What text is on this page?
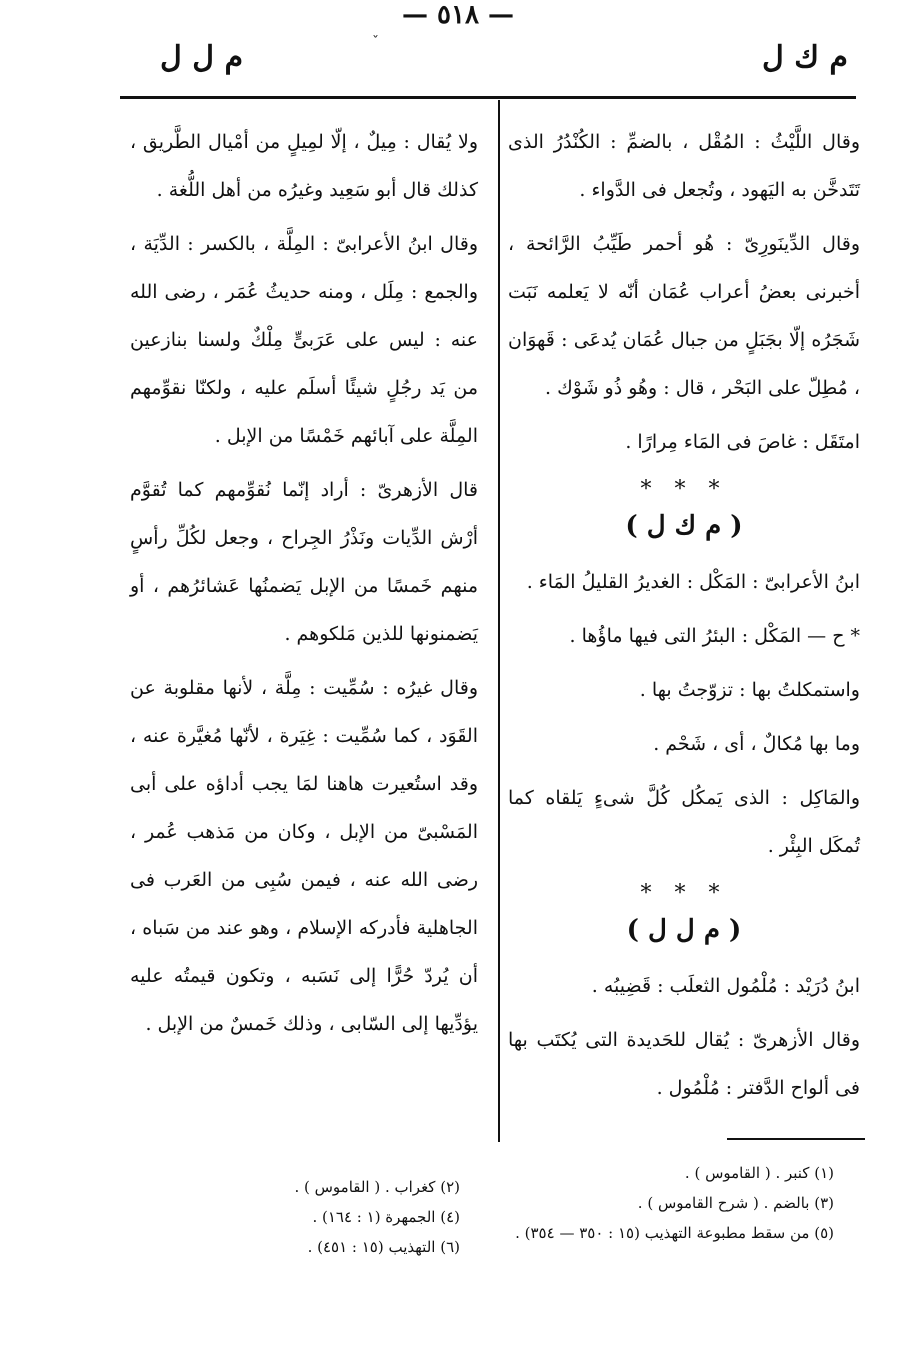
ˇ	م ك ل
— ٥١٨ —
م ل ل

وقال اللَّيْثُ : المُقْل ، بالضمِّ : الكُنْدُرُ الذى تَتَدخَّن به اليَهود ، وتُجعل فى الدَّواء .

وقال الدِّينَورِىّ : هُو أحمر طَيِّبُ الرَّائحة ، أخبرنى بعضُ أعراب عُمَان أنّه لا يَعلمه نَبَت شَجَرُه إلّا بجَبَلٍ من جبال عُمَان يُدعَى : قَهوَان ، مُطِلّ على البَحْر ، قال : وهُو ذُو شَوْك .

امتَقَل : غاصَ فى المَاء مِرارًا .

* * *
( م ك ل )

ابنُ الأعرابىّ : المَكْل : الغديرُ القليلُ المَاء .

* ح — المَكْل : البئرُ التى فيها ماؤُها .

واستمكلتُ بها : تزوّجتُ بها .

وما بها مُكالٌ ، أى ، شَحْم .

والمَاكِل : الذى يَمكُل كُلَّ شىءٍ يَلقاه كما تُمكَل البِئْر .

* * *
( م ل ل )

ابنُ دُرَيْد : مُلْمُول الثعلَب : قَضِيبُه .

وقال الأزهرىّ : يُقال للحَديدة التى يُكتَب بها فى ألواح الدَّفتر : مُلْمُول .

ولا يُقال : مِيلٌ ، إلّا لمِيلٍ من أمْيال الطَّريق ، كذلك قال أبو سَعِيد وغيرُه من أهل اللُّغة .

وقال ابنُ الأعرابىّ : المِلَّة ، بالكسر : الدِّيَة ، والجمع : مِلَل ، ومنه حديثُ عُمَر ، رضى الله عنه : ليس على عَرَبىٍّ مِلْكٌ ولسنا بنازعين من يَد رجُلٍ شيئًا أسلَم عليه ، ولكنّا نقوِّمهم المِلَّة على آبائهم خَمْسًا من الإبل .

قال الأزهرىّ : أراد إنّما نُقوِّمهم كما تُقوَّم أرْش الدِّيات ونَذْرُ الجِراح ، وجعل لكُلِّ رأسٍ منهم خَمسًا من الإبل يَضمنُها عَشائرُهم ، أو يَضمنونها للذين مَلكوهم .

وقال غيرُه : سُمِّيت : مِلَّة ، لأنها مقلوبة عن القَوَد ، كما سُمِّيت : غِيَرة ، لأنّها مُغيَّرة عنه ، وقد استُعيرت هاهنا لمَا يجب أداؤه على أبى المَسْبىّ من الإبل ، وكان من مَذهب عُمر ، رضى الله عنه ، فيمن سُبِى من العَرب فى الجاهلية فأدركه الإسلام ، وهو عند من سَباه ، أن يُردّ حُرًّا إلى نَسَبه ، وتكون قيمتُه عليه يؤدِّيها إلى السّابى ، وذلك خَمسٌ من الإبل .

(١) كنبر . ( القاموس ) .
(٣) بالضم . ( شرح القاموس ) .
(٥) من سقط مطبوعة التهذيب (١٥ : ٣٥٠ — ٣٥٤) .
(٢) كغراب . ( القاموس ) .
(٤) الجمهرة (١ : ١٦٤) .
(٦) التهذيب (١٥ : ٤٥١) .
